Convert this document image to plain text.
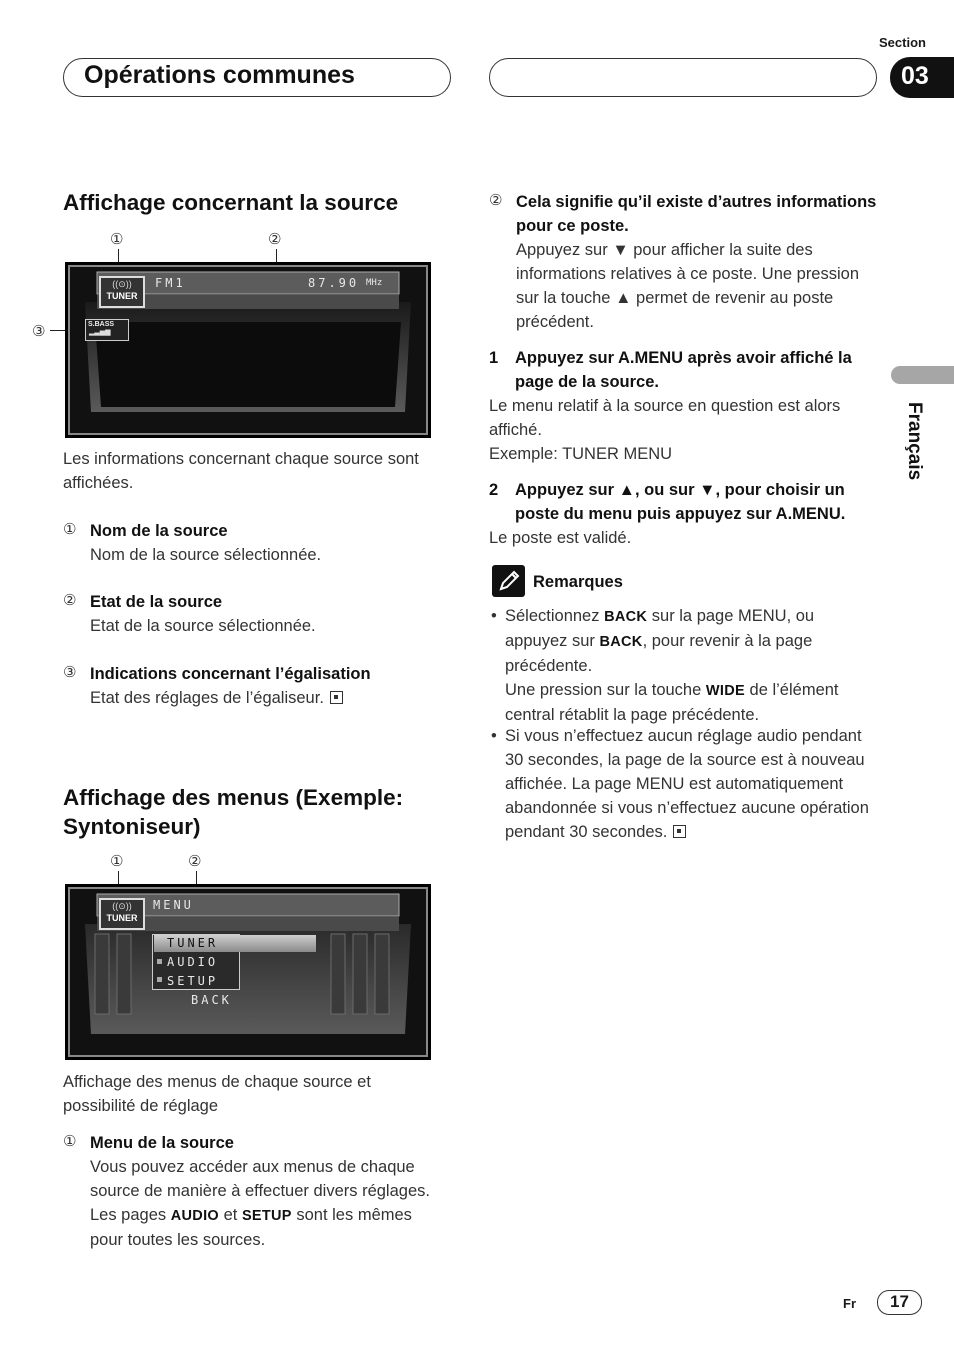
Section
Opérations communes	03
Français
Affichage concernant la source
①	②
③
((⊙))
TUNER
FM1	87.90 MHz
S.BASS
▂▃▅▆
Les informations concernant chaque source sont affichées.
① Nom de la source
Nom de la source sélectionnée.
② Etat de la source
Etat de la source sélectionnée.
③ Indications concernant l’égalisation
Etat des réglages de l’égaliseur.
Affichage des menus (Exemple:
Syntoniseur)
①	②
((⊙))
TUNER
MENU
TUNER
AUDIO
SETUP
BACK
Affichage des menus de chaque source et possibilité de réglage
① Menu de la source
Vous pouvez accéder aux menus de chaque source de manière à effectuer divers réglages. Les pages AUDIO et SETUP sont les mêmes pour toutes les sources.
② Cela signifie qu’il existe d’autres informations pour ce poste.
Appuyez sur ▼ pour afficher la suite des informations relatives à ce poste. Une pression sur la touche ▲ permet de revenir au poste précédent.
1 Appuyez sur A.MENU après avoir affiché la page de la source.
Le menu relatif à la source en question est alors affiché.
Exemple: TUNER MENU
2 Appuyez sur ▲, ou sur ▼, pour choisir un poste du menu puis appuyez sur A.MENU.
Le poste est validé.
Remarques
• Sélectionnez BACK sur la page MENU, ou appuyez sur BACK, pour revenir à la page précédente.
Une pression sur la touche WIDE de l’élément central rétablit la page précédente.
• Si vous n’effectuez aucun réglage audio pendant 30 secondes, la page de la source est à nouveau affichée. La page MENU est automatiquement abandonnée si vous n’effectuez aucune opération pendant 30 secondes.
Fr	17
